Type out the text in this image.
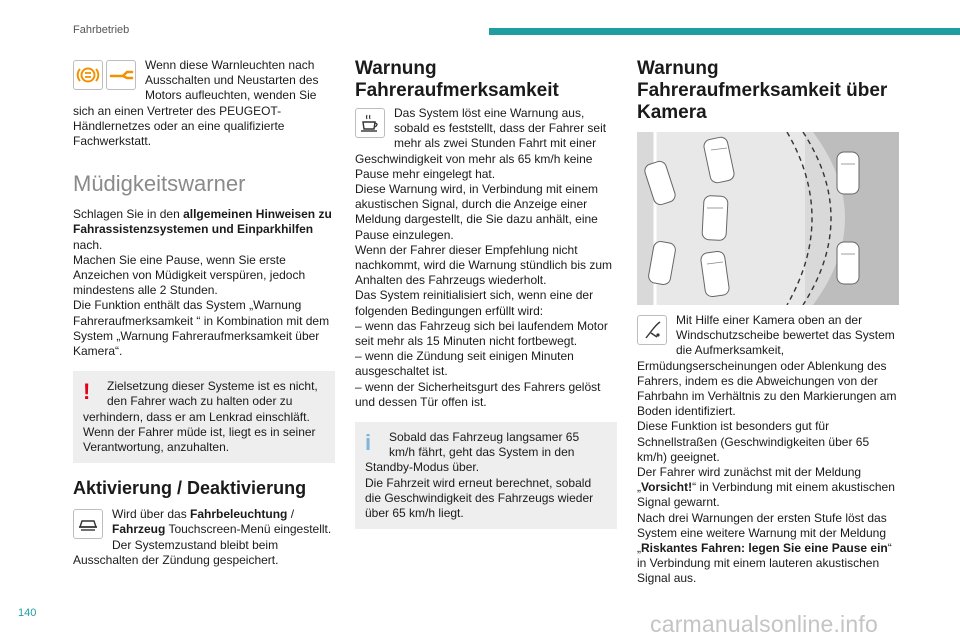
Fahrbetrieb

Wenn diese Warnleuchten nach Ausschalten und Neustarten des Motors aufleuchten, wenden Sie sich an einen Vertreter des PEUGEOT-Händlernetzes oder an eine qualifizierte Fachwerkstatt.

Müdigkeitswarner

Schlagen Sie in den allgemeinen Hinweisen zu Fahrassistenzsystemen und Einparkhilfen nach.

Machen Sie eine Pause, wenn Sie erste Anzeichen von Müdigkeit verspüren, jedoch mindestens alle 2 Stunden.

Die Funktion enthält das System „Warnung Fahreraufmerksamkeit “ in Kombination mit dem System „Warnung Fahreraufmerksamkeit über Kamera“.

!	Zielsetzung dieser Systeme ist es nicht, den Fahrer wach zu halten oder zu verhindern, dass er am Lenkrad einschläft. Wenn der Fahrer müde ist, liegt es in seiner Verantwortung, anzuhalten.

Aktivierung / Deaktivierung

Wird über das Fahrbeleuchtung / Fahrzeug Touchscreen-Menü eingestellt.

Der Systemzustand bleibt beim Ausschalten der Zündung gespeichert.

Warnung Fahreraufmerksamkeit

Das System löst eine Warnung aus, sobald es feststellt, dass der Fahrer seit mehr als zwei Stunden Fahrt mit einer Geschwindigkeit von mehr als 65 km/h keine Pause mehr eingelegt hat.

Diese Warnung wird, in Verbindung mit einem akustischen Signal, durch die Anzeige einer Meldung dargestellt, die Sie dazu anhält, eine Pause einzulegen.

Wenn der Fahrer dieser Empfehlung nicht nachkommt, wird die Warnung stündlich bis zum Anhalten des Fahrzeugs wiederholt.

Das System reinitialisiert sich, wenn eine der folgenden Bedingungen erfüllt wird:

– wenn das Fahrzeug sich bei laufendem Motor seit mehr als 15 Minuten nicht fortbewegt.

– wenn die Zündung seit einigen Minuten ausgeschaltet ist.

– wenn der Sicherheitsgurt des Fahrers gelöst und dessen Tür offen ist.

i	Sobald das Fahrzeug langsamer 65 km/h fährt, geht das System in den Standby-Modus über.

Die Fahrzeit wird erneut berechnet, sobald die Geschwindigkeit des Fahrzeugs wieder über 65 km/h liegt.

Warnung Fahreraufmerksamkeit über Kamera

Mit Hilfe einer Kamera oben an der Windschutzscheibe bewertet das System die Aufmerksamkeit, Ermüdungserscheinungen oder Ablenkung des Fahrers, indem es die Abweichungen von der Fahrbahn im Verhältnis zu den Markierungen am Boden identifiziert.

Diese Funktion ist besonders gut für Schnellstraßen (Geschwindigkeiten über 65 km/h) geeignet.

Der Fahrer wird zunächst mit der Meldung „Vorsicht!“ in Verbindung mit einem akustischen Signal gewarnt.

Nach drei Warnungen der ersten Stufe löst das System eine weitere Warnung mit der Meldung „Riskantes Fahren: legen Sie eine Pause ein“ in Verbindung mit einem lauteren akustischen Signal aus.

140	carmanualsonline.info
